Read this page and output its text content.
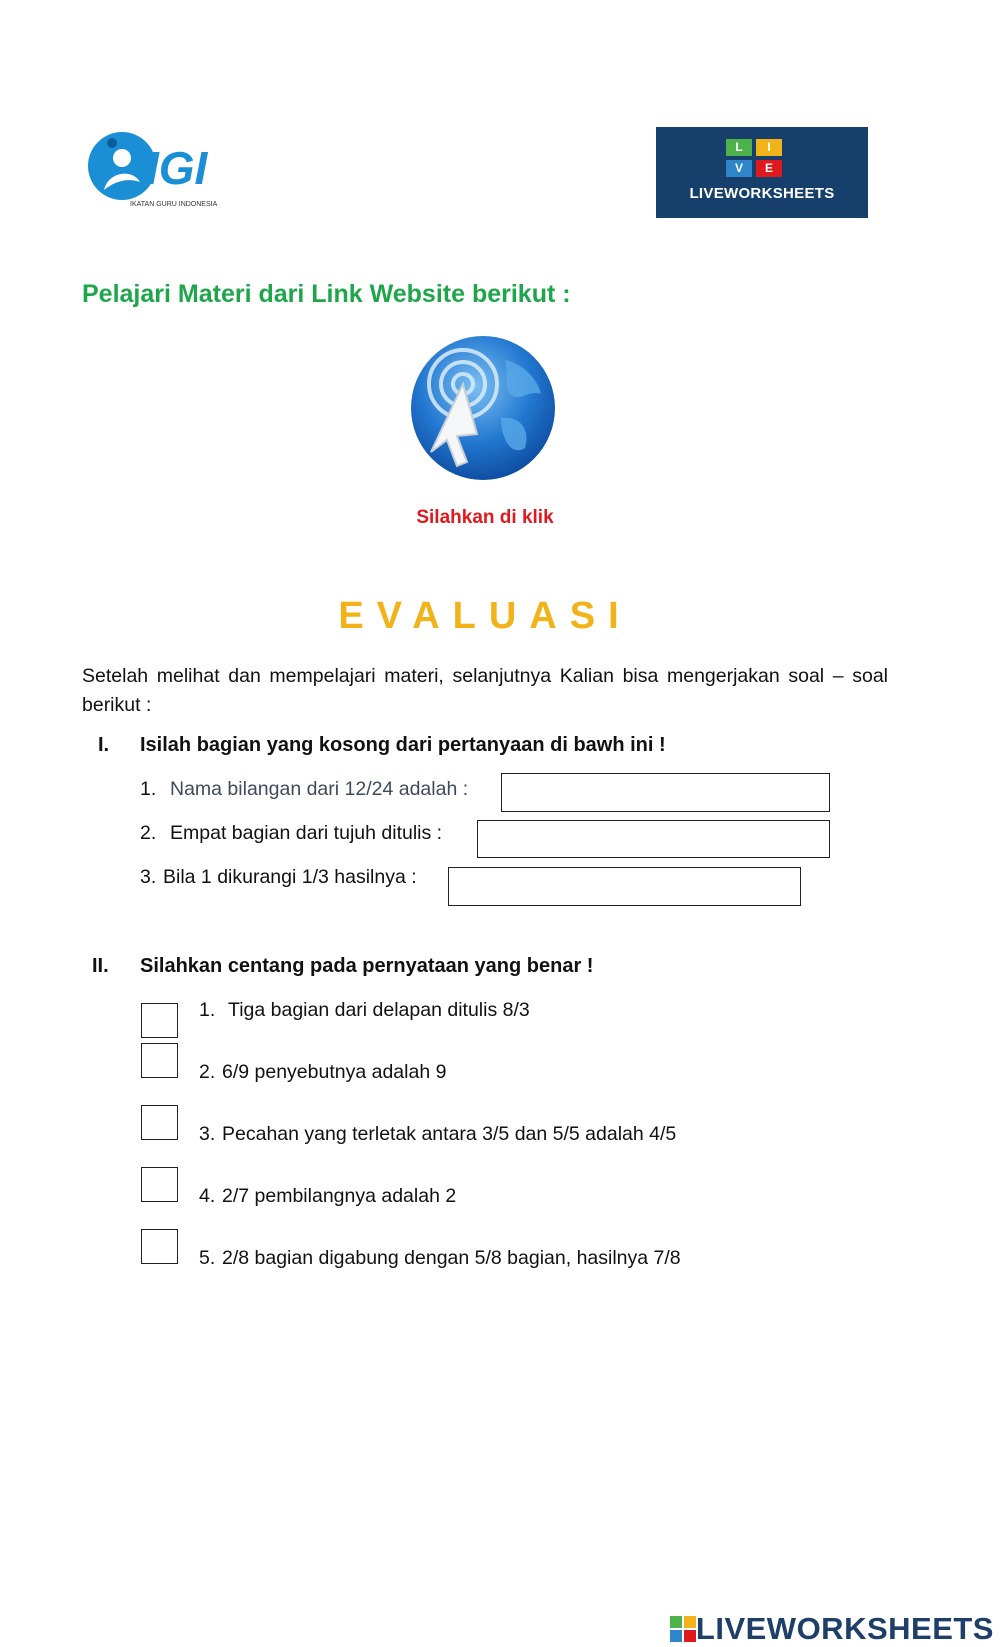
IGI
IKATAN GURU INDONESIA
L	I
V	E
LIVEWORKSHEETS
Pelajari Materi dari Link Website berikut :
Silahkan di klik
EVALUASI
Setelah melihat dan mempelajari materi, selanjutnya Kalian bisa mengerjakan soal – soal berikut :
I. Isilah bagian yang kosong dari pertanyaan di bawh ini !
1. Nama bilangan dari 12/24 adalah :
2. Empat bagian dari tujuh ditulis :
3. Bila 1 dikurangi 1/3 hasilnya :
II. Silahkan centang pada pernyataan yang benar !
1. Tiga bagian dari delapan ditulis 8/3
2. 6/9 penyebutnya adalah 9
3. Pecahan yang terletak antara 3/5 dan 5/5 adalah 4/5
4. 2/7 pembilangnya adalah 2
5. 2/8 bagian digabung dengan 5/8 bagian, hasilnya 7/8
LIVEWORKSHEETS
